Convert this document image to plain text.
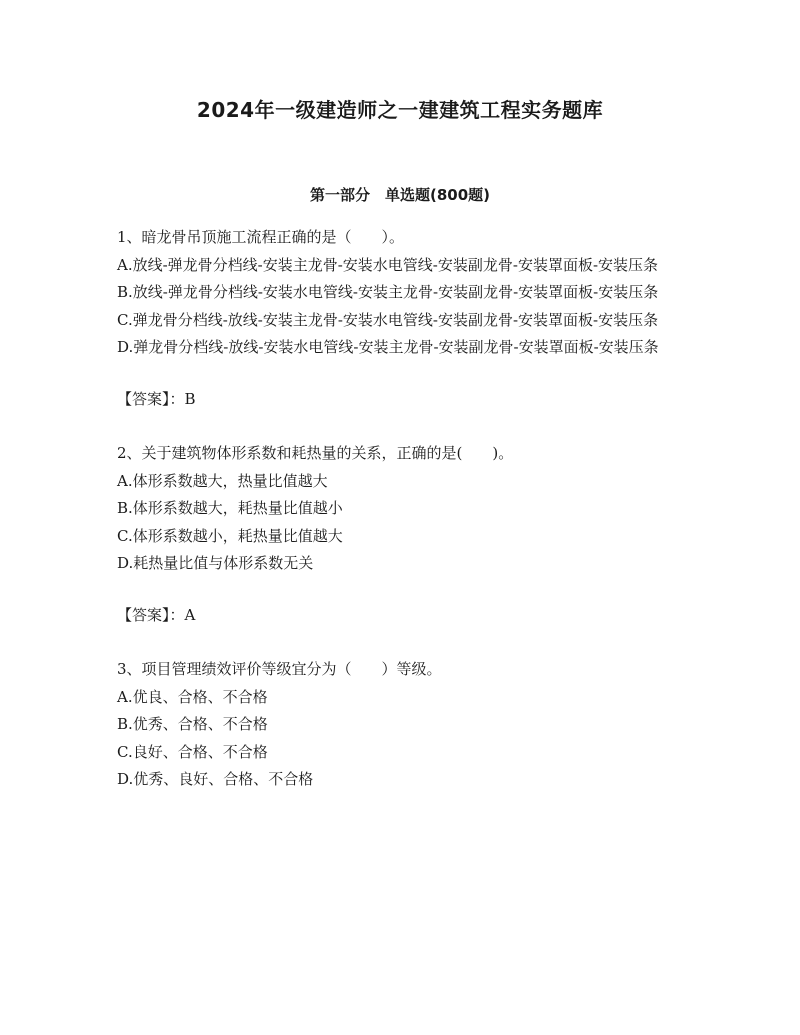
2024年一级建造师之一建建筑工程实务题库
第一部分　单选题(800题)
1、暗龙骨吊顶施工流程正确的是（　　）。
A.放线-弹龙骨分档线-安装主龙骨-安装水电管线-安装副龙骨-安装罩面板-安装压条
B.放线-弹龙骨分档线-安装水电管线-安装主龙骨-安装副龙骨-安装罩面板-安装压条
C.弹龙骨分档线-放线-安装主龙骨-安装水电管线-安装副龙骨-安装罩面板-安装压条
D.弹龙骨分档线-放线-安装水电管线-安装主龙骨-安装副龙骨-安装罩面板-安装压条
【答案】：B
2、关于建筑物体形系数和耗热量的关系，正确的是(　　)。
A.体形系数越大，热量比值越大
B.体形系数越大，耗热量比值越小
C.体形系数越小，耗热量比值越大
D.耗热量比值与体形系数无关
【答案】：A
3、项目管理绩效评价等级宜分为（　　）等级。
A.优良、合格、不合格
B.优秀、合格、不合格
C.良好、合格、不合格
D.优秀、良好、合格、不合格
